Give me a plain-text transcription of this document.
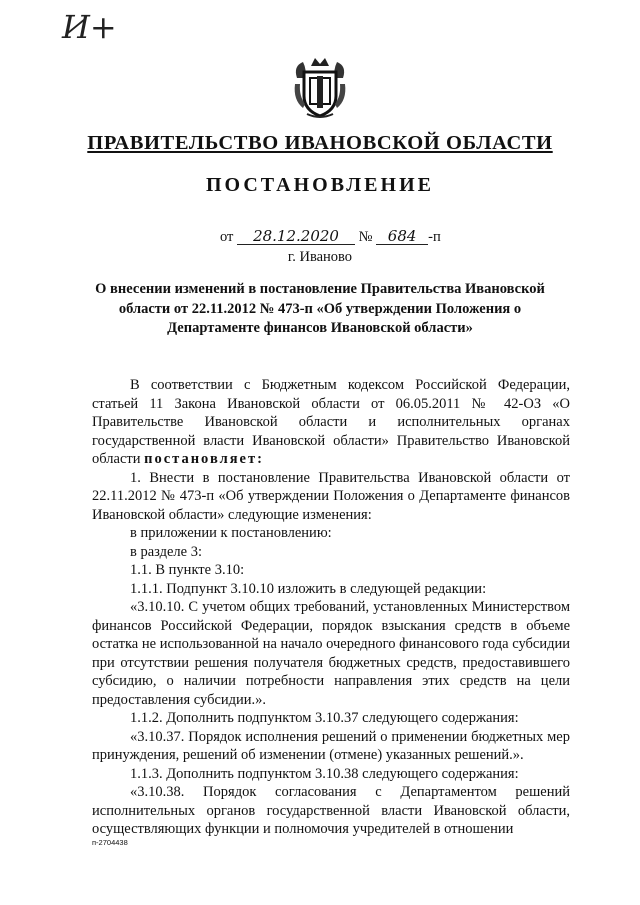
И+
ПРАВИТЕЛЬСТВО ИВАНОВСКОЙ ОБЛАСТИ
ПОСТАНОВЛЕНИЕ
от 28.12.2020 № 684 -п
г. Иваново
О внесении изменений в постановление Правительства Ивановской области от 22.11.2012 № 473-п «Об утверждении Положения о Департаменте финансов Ивановской области»

В соответствии с Бюджетным кодексом Российской Федерации, статьей 11 Закона Ивановской области от 06.05.2011 № 42-ОЗ «О Правительстве Ивановской области и исполнительных органах государственной власти Ивановской области» Правительство Ивановской области постановляет:

1. Внести в постановление Правительства Ивановской области от 22.11.2012 № 473-п «Об утверждении Положения о Департаменте финансов Ивановской области» следующие изменения:

в приложении к постановлению:

в разделе 3:

1.1. В пункте 3.10:

1.1.1. Подпункт 3.10.10 изложить в следующей редакции:

«3.10.10. С учетом общих требований, установленных Министерством финансов Российской Федерации, порядок взыскания средств в объеме остатка не использованной на начало очередного финансового года субсидии при отсутствии решения получателя бюджетных средств, предоставившего субсидию, о наличии потребности направления этих средств на цели предоставления субсидии.».

1.1.2. Дополнить подпунктом 3.10.37 следующего содержания:

«3.10.37. Порядок исполнения решений о применении бюджетных мер принуждения, решений об изменении (отмене) указанных решений.».

1.1.3. Дополнить подпунктом 3.10.38 следующего содержания:

«3.10.38. Порядок согласования с Департаментом решений исполнительных органов государственной власти Ивановской области, осуществляющих функции и полномочия учредителей в отношении

п-2704438
